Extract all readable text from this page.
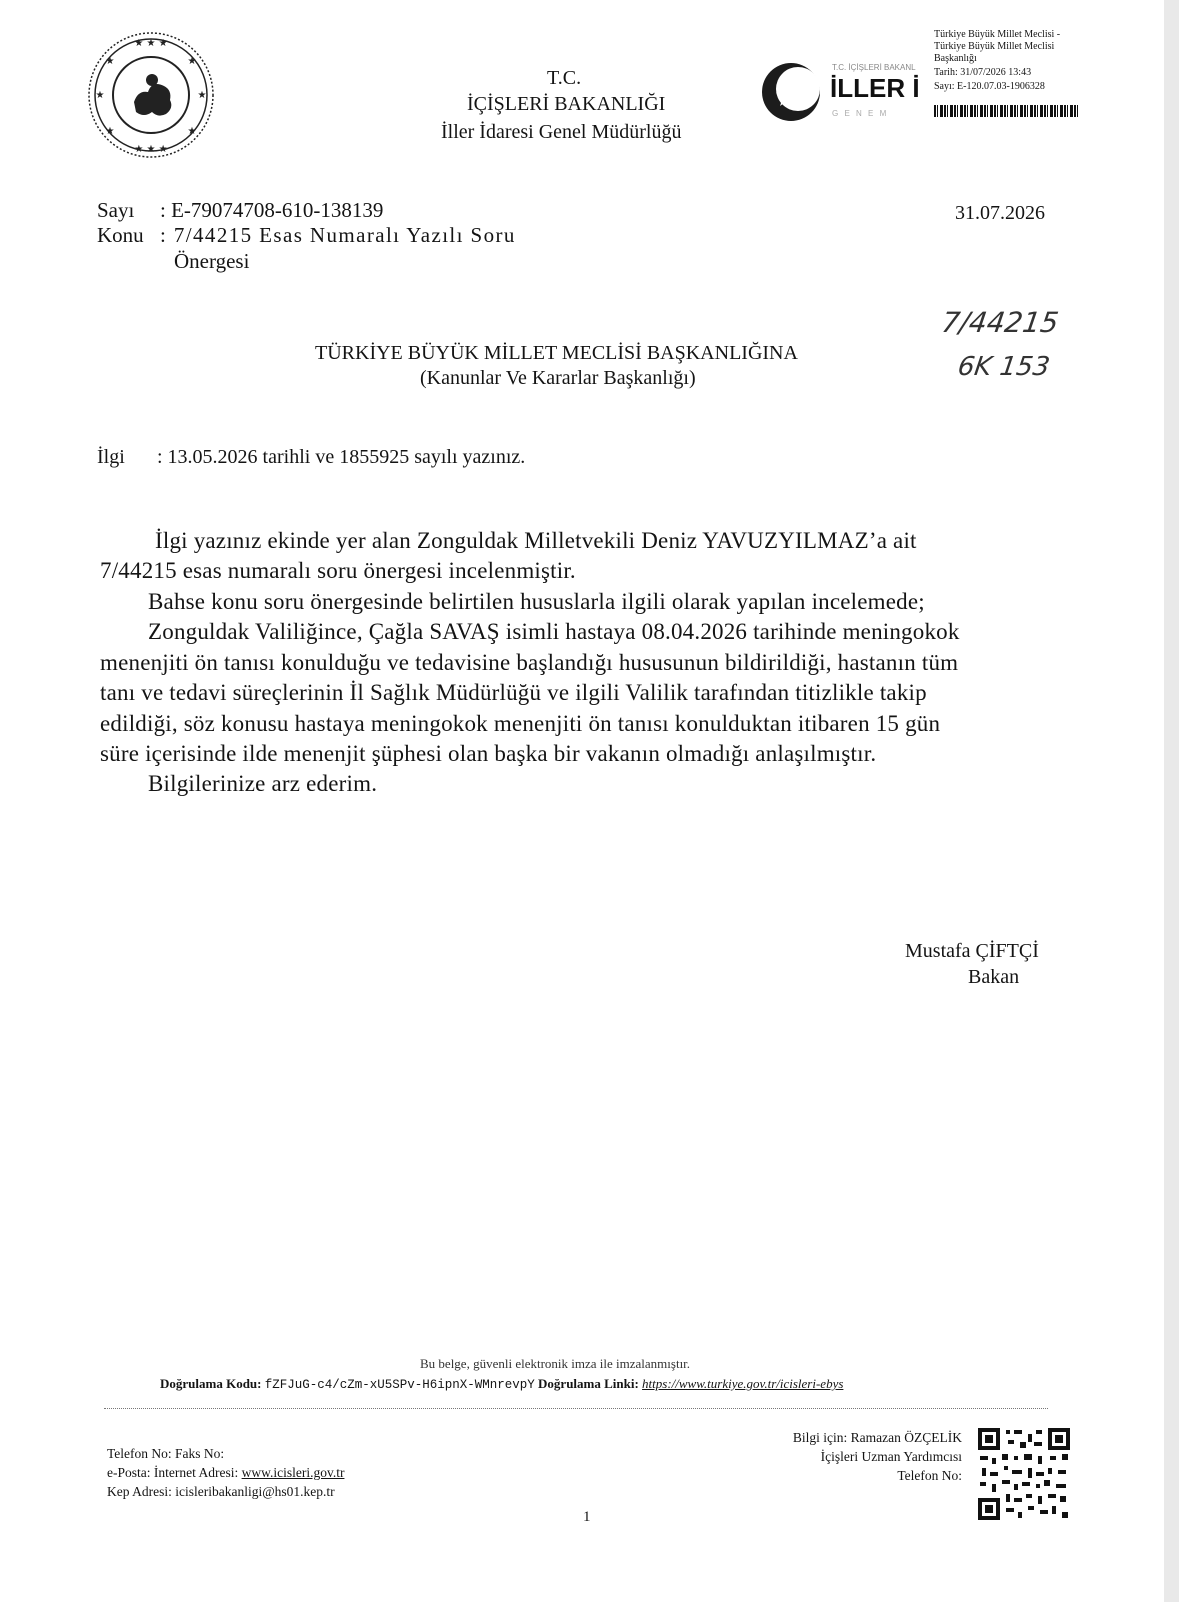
★ ★ ★
★ ★ ★
★	★
★	★
★	★
T.C.
İÇİŞLERİ BAKANLIĞI
İller İdaresi Genel Müdürlüğü
T.C. İÇİŞLERİ BAKANL
İLLER İ
G E N E M
Türkiye Büyük Millet Meclisi -
Türkiye Büyük Millet Meclisi
Başkanlığı
Tarih: 31/07/2026 13:43
Sayı: E-120.07.03-1906328
Sayı : E-79074708-610-138139
Konu : 7/44215 Esas Numaralı Yazılı Soru
Önergesi
31.07.2026
7/44215
6K 153
TÜRKİYE BÜYÜK MİLLET MECLİSİ BAŞKANLIĞINA
(Kanunlar Ve Kararlar Başkanlığı)
İlgi : 13.05.2026 tarihli ve 1855925 sayılı yazınız.
İlgi yazınız ekinde yer alan Zonguldak Milletvekili Deniz YAVUZYILMAZ’a ait
7/44215 esas numaralı soru önergesi incelenmiştir.
Bahse konu soru önergesinde belirtilen hususlarla ilgili olarak yapılan incelemede;
Zonguldak Valiliğince, Çağla SAVAŞ isimli hastaya 08.04.2026 tarihinde meningokok
menenjiti ön tanısı konulduğu ve tedavisine başlandığı hususunun bildirildiği, hastanın tüm
tanı ve tedavi süreçlerinin İl Sağlık Müdürlüğü ve ilgili Valilik tarafından titizlikle takip
edildiği, söz konusu hastaya meningokok menenjiti ön tanısı konulduktan itibaren 15 gün
süre içerisinde ilde menenjit şüphesi olan başka bir vakanın olmadığı anlaşılmıştır.
Bilgilerinize arz ederim.
Mustafa ÇİFTÇİ
Bakan
Bu belge, güvenli elektronik imza ile imzalanmıştır.
Doğrulama Kodu: fZFJuG-c4/cZm-xU5SPv-H6ipnX-WMnrevpY Doğrulama Linki: https://www.turkiye.gov.tr/icisleri-ebys
Telefon No: Faks No:
e-Posta: İnternet Adresi: www.icisleri.gov.tr
Kep Adresi: icisleribakanligi@hs01.kep.tr
Bilgi için: Ramazan ÖZÇELİK
İçişleri Uzman Yardımcısı
Telefon No:
1
